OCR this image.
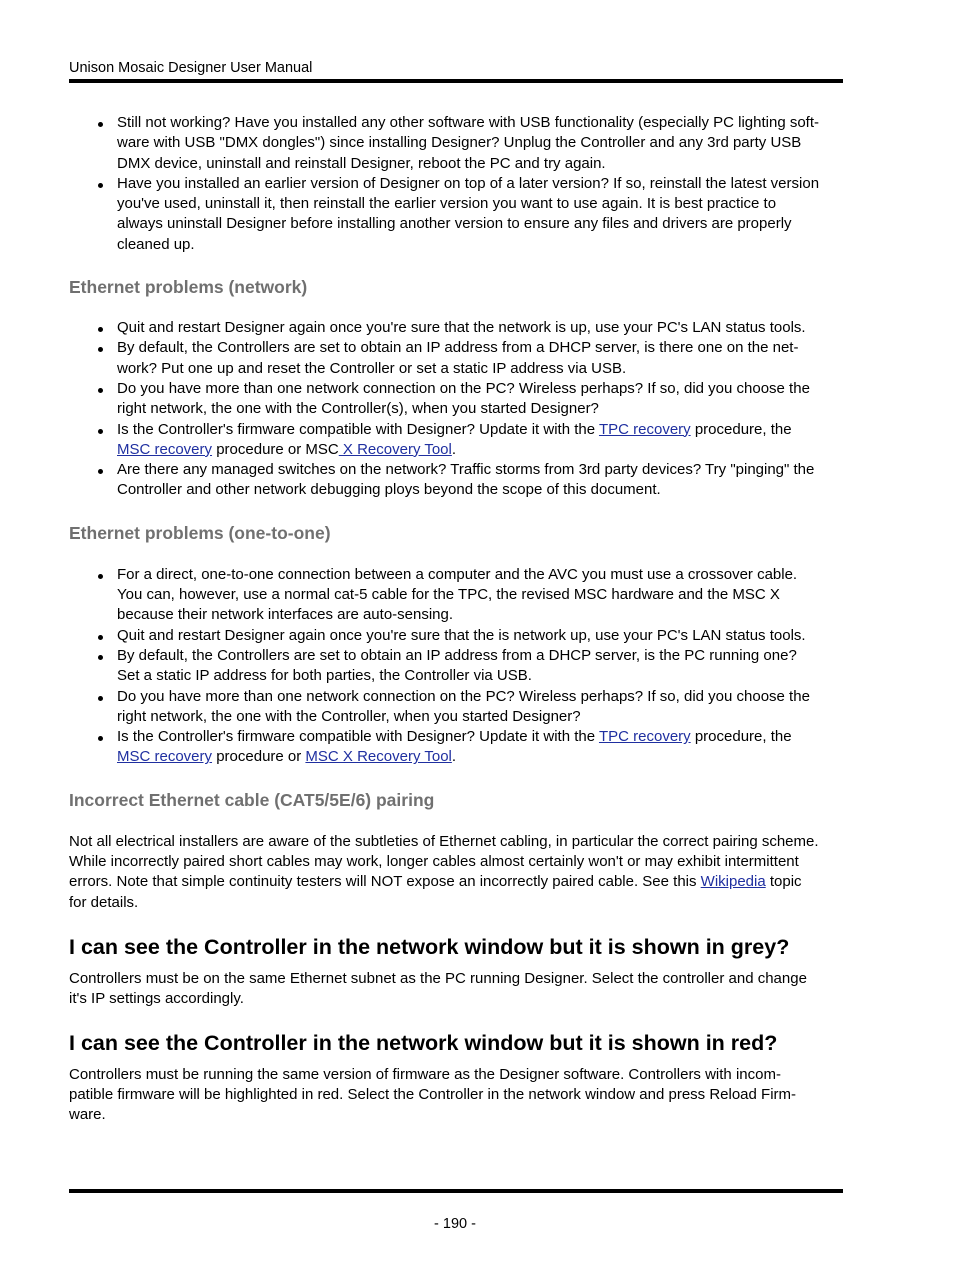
Unison Mosaic Designer User Manual
Still not working? Have you installed any other software with USB functionality (especially PC lighting soft-
ware with USB "DMX dongles") since installing Designer? Unplug the Controller and any 3rd party USB
DMX device, uninstall and reinstall Designer, reboot the PC and try again.
Have you installed an earlier version of Designer on top of a later version? If so, reinstall the latest version
you've used, uninstall it, then reinstall the earlier version you want to use again. It is best practice to
always uninstall Designer before installing another version to ensure any files and drivers are properly
cleaned up.
Ethernet problems (network)
Quit and restart Designer again once you're sure that the network is up, use your PC's LAN status tools.
By default, the Controllers are set to obtain an IP address from a DHCP server, is there one on the net-
work? Put one up and reset the Controller or set a static IP address via USB.
Do you have more than one network connection on the PC? Wireless perhaps? If so, did you choose the
right network, the one with the Controller(s), when you started Designer?
Is the Controller's firmware compatible with Designer? Update it with the TPC recovery procedure, the
MSC recovery procedure or MSC X Recovery Tool.
Are there any managed switches on the network? Traffic storms from 3rd party devices? Try "pinging" the
Controller and other network debugging ploys beyond the scope of this document.
Ethernet problems (one-to-one)
For a direct, one-to-one connection between a computer and the AVC you must use a crossover cable.
You can, however, use a normal cat-5 cable for the TPC, the revised MSC hardware and the MSC X
because their network interfaces are auto-sensing.
Quit and restart Designer again once you're sure that the is network up, use your PC's LAN status tools.
By default, the Controllers are set to obtain an IP address from a DHCP server, is the PC running one?
Set a static IP address for both parties, the Controller via USB.
Do you have more than one network connection on the PC? Wireless perhaps? If so, did you choose the
right network, the one with the Controller, when you started Designer?
Is the Controller's firmware compatible with Designer? Update it with the TPC recovery procedure, the
MSC recovery procedure or MSC X Recovery Tool.
Incorrect Ethernet cable (CAT5/5E/6) pairing

Not all electrical installers are aware of the subtleties of Ethernet cabling, in particular the correct pairing scheme.
While incorrectly paired short cables may work, longer cables almost certainly won't or may exhibit intermittent
errors. Note that simple continuity testers will NOT expose an incorrectly paired cable. See this Wikipedia topic
for details.

I can see the Controller in the network window but it is shown in grey?

Controllers must be on the same Ethernet subnet as the PC running Designer. Select the controller and change
it's IP settings accordingly.

I can see the Controller in the network window but it is shown in red?

Controllers must be running the same version of firmware as the Designer software. Controllers with incom-
patible firmware will be highlighted in red. Select the Controller in the network window and press Reload Firm-
ware.

- 190 -
